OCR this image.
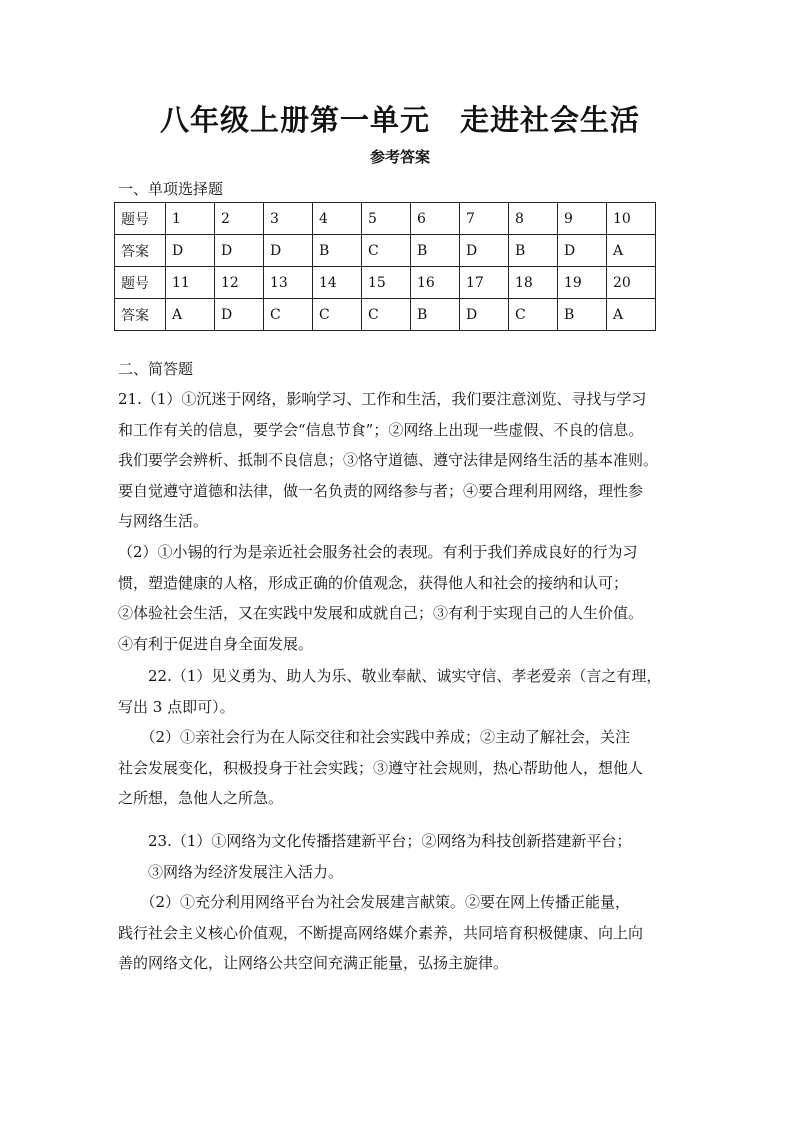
八年级上册第一单元　走进社会生活
参考答案
一、单项选择题
题号	1	2	3	4	5	6	7	8	9	10
答案	D	D	D	B	C	B	D	B	D	A
题号	11	12	13	14	15	16	17	18	19	20
答案	A	D	C	C	C	B	D	C	B	A
二、简答题

21.（1）①沉迷于网络，影响学习、工作和生活，我们要注意浏览、寻找与学习

和工作有关的信息，要学会“信息节食”；②网络上出现一些虚假、不良的信息。

我们要学会辨析、抵制不良信息；③恪守道德、遵守法律是网络生活的基本准则。

要自觉遵守道德和法律，做一名负责的网络参与者；④要合理利用网络，理性参

与网络生活。

（2）①小锡的行为是亲近社会服务社会的表现。有利于我们养成良好的行为习

惯，塑造健康的人格，形成正确的价值观念，获得他人和社会的接纳和认可；

②体验社会生活，又在实践中发展和成就自己；③有利于实现自己的人生价值。

④有利于促进自身全面发展。

　　22.（1）见义勇为、助人为乐、敬业奉献、诚实守信、孝老爱亲（言之有理，

写出 3 点即可）。

　　（2）①亲社会行为在人际交往和社会实践中养成；②主动了解社会，关注

社会发展变化，积极投身于社会实践；③遵守社会规则，热心帮助他人，想他人

之所想，急他人之所急。

　　23.（1）①网络为文化传播搭建新平台；②网络为科技创新搭建新平台；

　　③网络为经济发展注入活力。

　　（2）①充分利用网络平台为社会发展建言献策。②要在网上传播正能量，

践行社会主义核心价值观，不断提高网络媒介素养，共同培育积极健康、向上向

善的网络文化，让网络公共空间充满正能量，弘扬主旋律。
